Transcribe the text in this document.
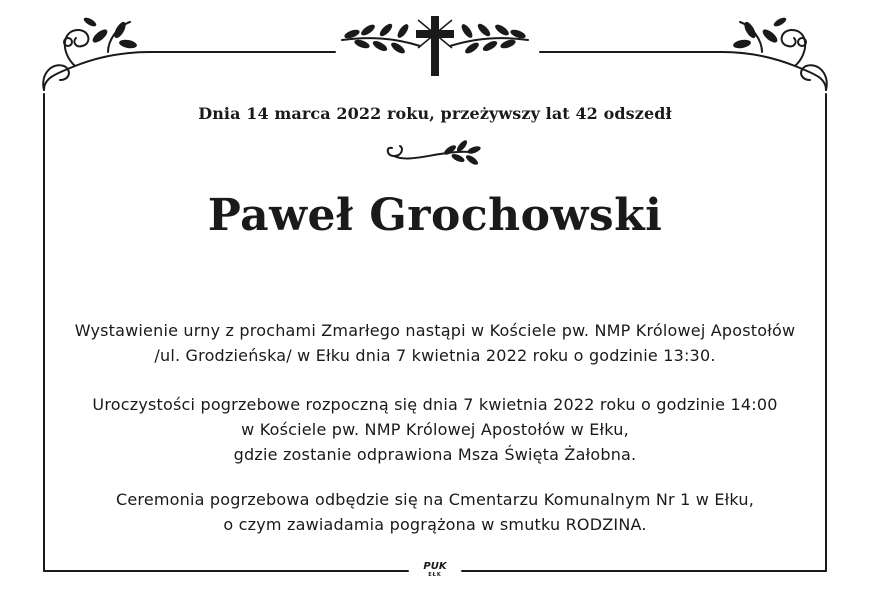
Dnia 14 marca 2022 roku, przeżywszy lat 42 odszedł
Paweł Grochowski
Wystawienie urny z prochami Zmarłego nastąpi w Kościele pw. NMP Królowej Apostołów
/ul. Grodzieńska/ w Ełku dnia 7 kwietnia 2022 roku o godzinie 13:30.
Uroczystości pogrzebowe rozpoczną się dnia 7 kwietnia 2022 roku o godzinie 14:00
w Kościele pw. NMP Królowej Apostołów w Ełku,
gdzie zostanie odprawiona Msza Święta Żałobna.
Ceremonia pogrzebowa odbędzie się na Cmentarzu Komunalnym Nr 1 w Ełku,
o czym zawiadamia pogrążona w smutku RODZINA.
PUK
EŁK
